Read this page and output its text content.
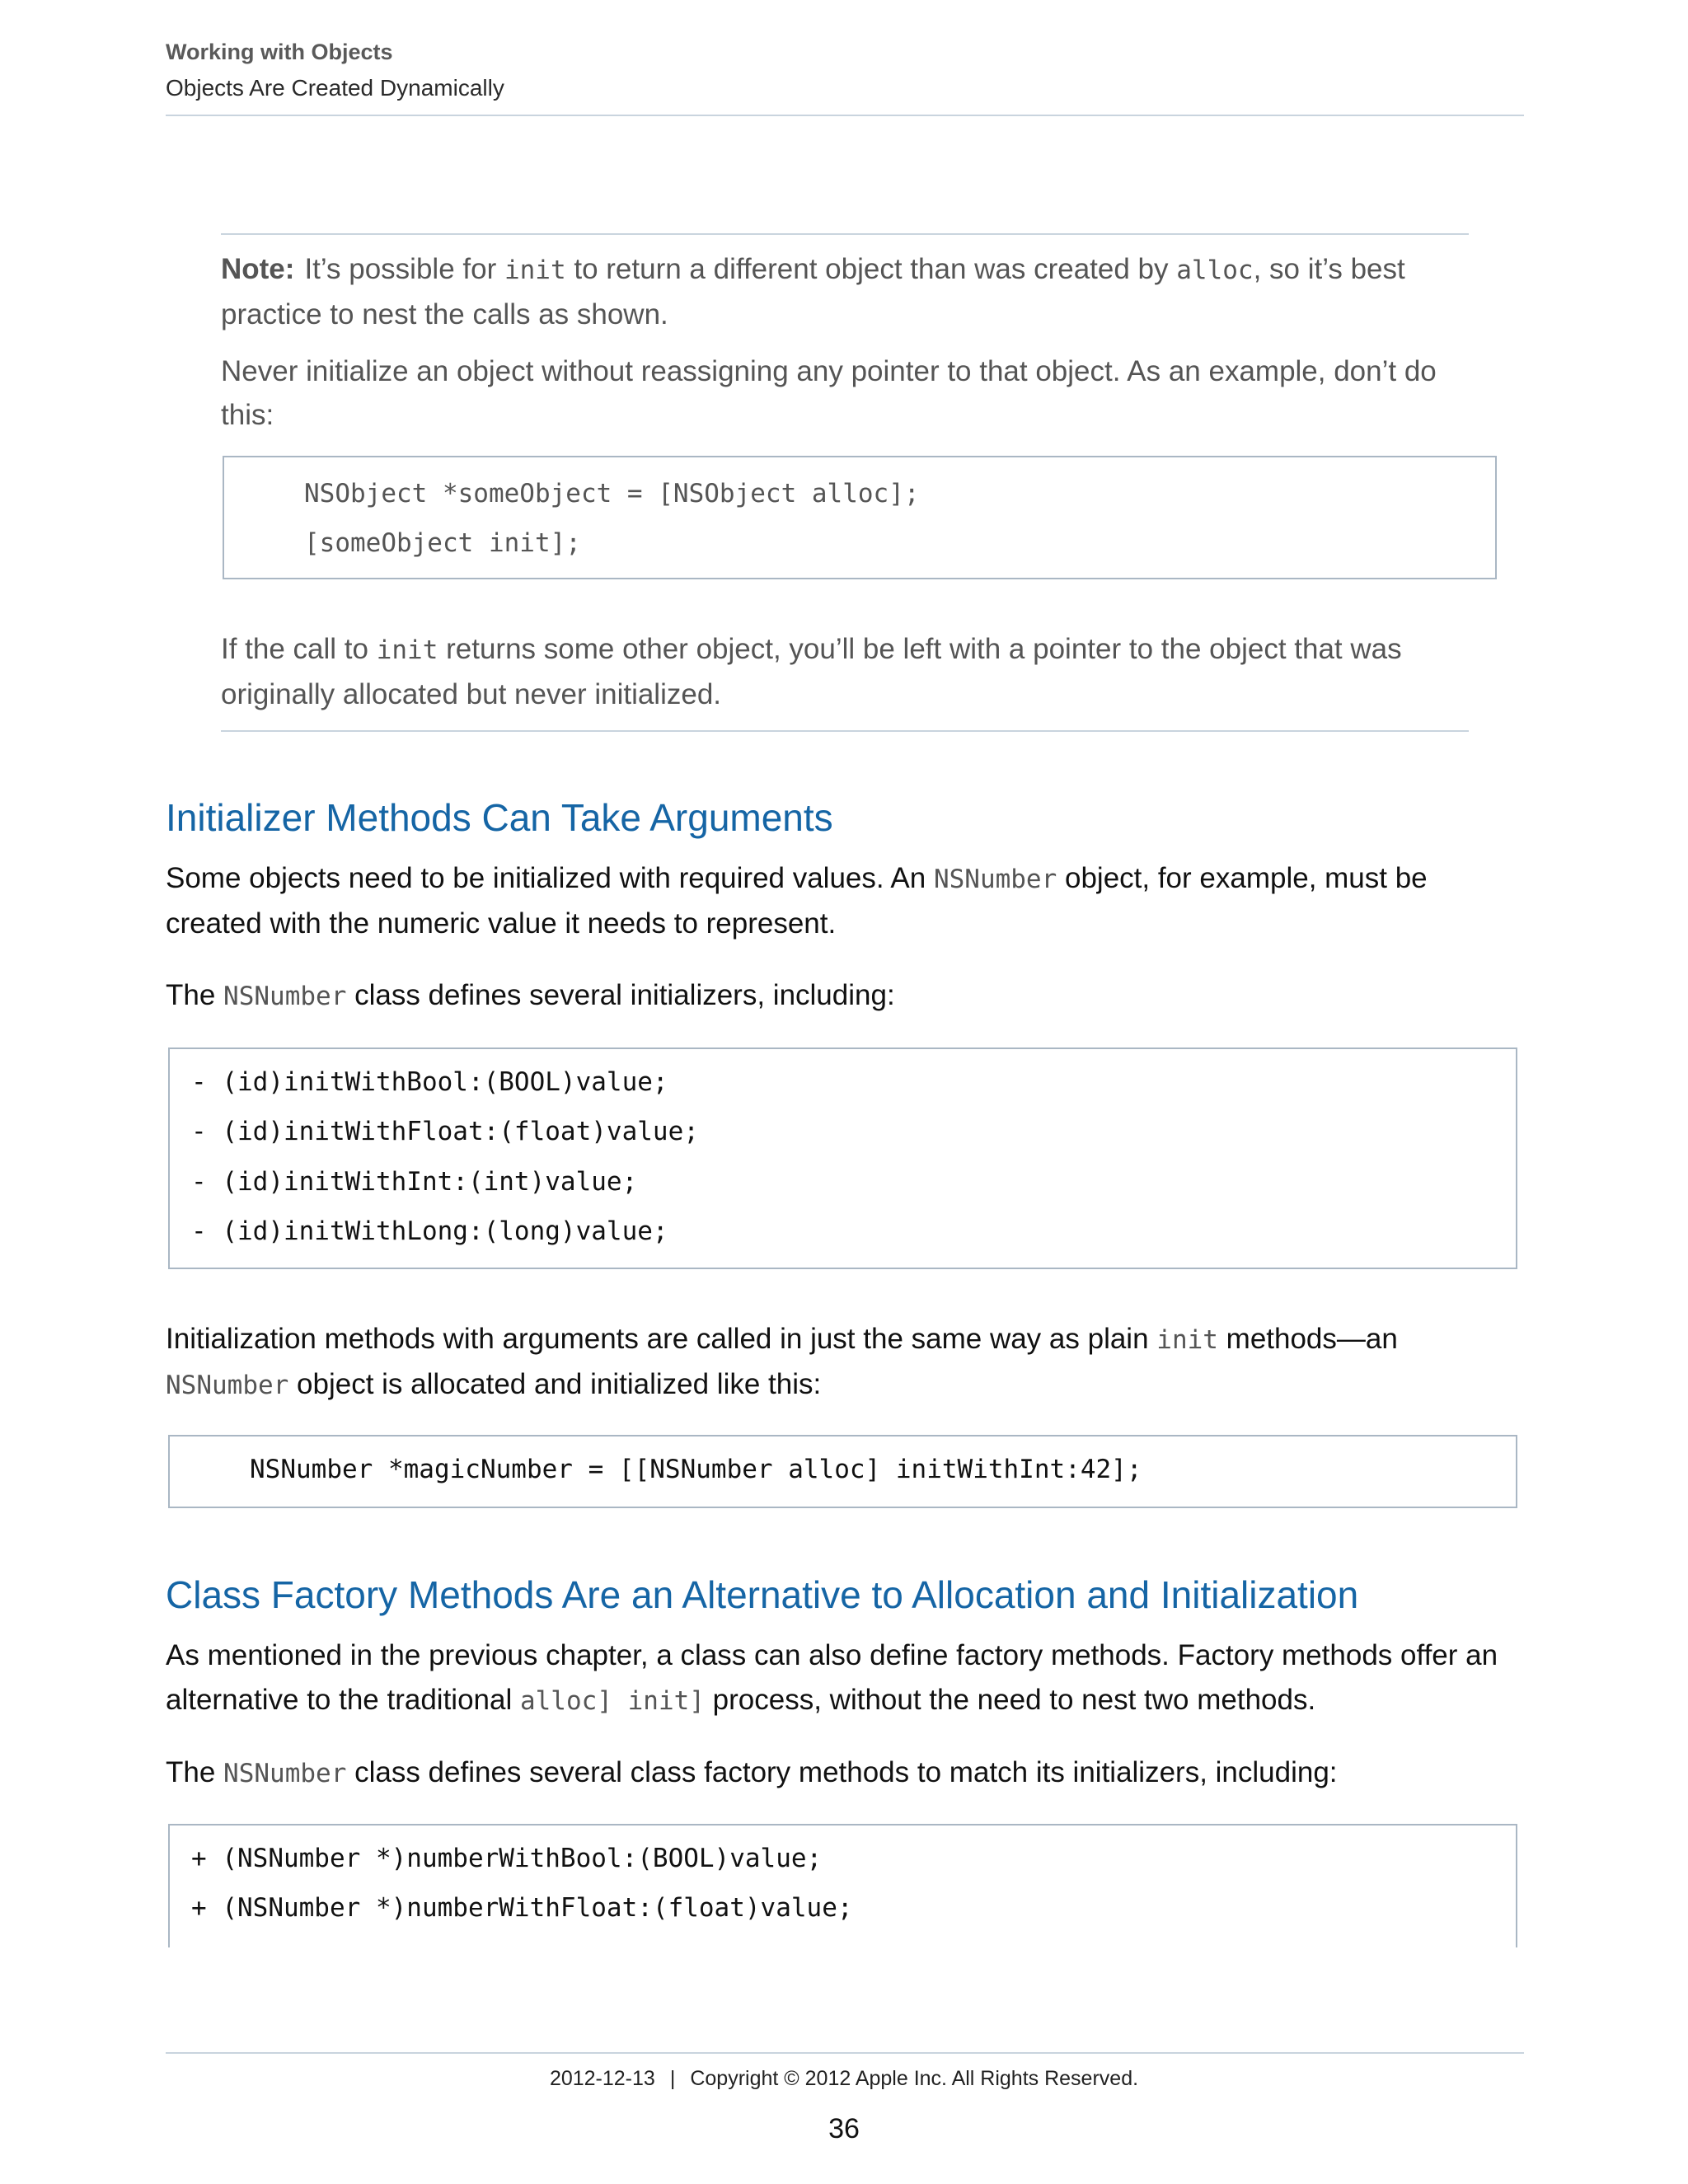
Working with Objects
Objects Are Created Dynamically
Note: It’s possible for init to return a different object than was created by alloc, so it’s best practice to nest the calls as shown.
Never initialize an object without reassigning any pointer to that object. As an example, don’t do this:
NSObject *someObject = [NSObject alloc];
[someObject init];
If the call to init returns some other object, you’ll be left with a pointer to the object that was originally allocated but never initialized.
Initializer Methods Can Take Arguments
Some objects need to be initialized with required values. An NSNumber object, for example, must be created with the numeric value it needs to represent.
The NSNumber class defines several initializers, including:
- (id)initWithBool:(BOOL)value;
- (id)initWithFloat:(float)value;
- (id)initWithInt:(int)value;
- (id)initWithLong:(long)value;
Initialization methods with arguments are called in just the same way as plain init methods—an NSNumber object is allocated and initialized like this:
NSNumber *magicNumber = [[NSNumber alloc] initWithInt:42];
Class Factory Methods Are an Alternative to Allocation and Initialization
As mentioned in the previous chapter, a class can also define factory methods. Factory methods offer an alternative to the traditional alloc] init] process, without the need to nest two methods.
The NSNumber class defines several class factory methods to match its initializers, including:
+ (NSNumber *)numberWithBool:(BOOL)value;
+ (NSNumber *)numberWithFloat:(float)value;
2012-12-13 | Copyright © 2012 Apple Inc. All Rights Reserved.
36
